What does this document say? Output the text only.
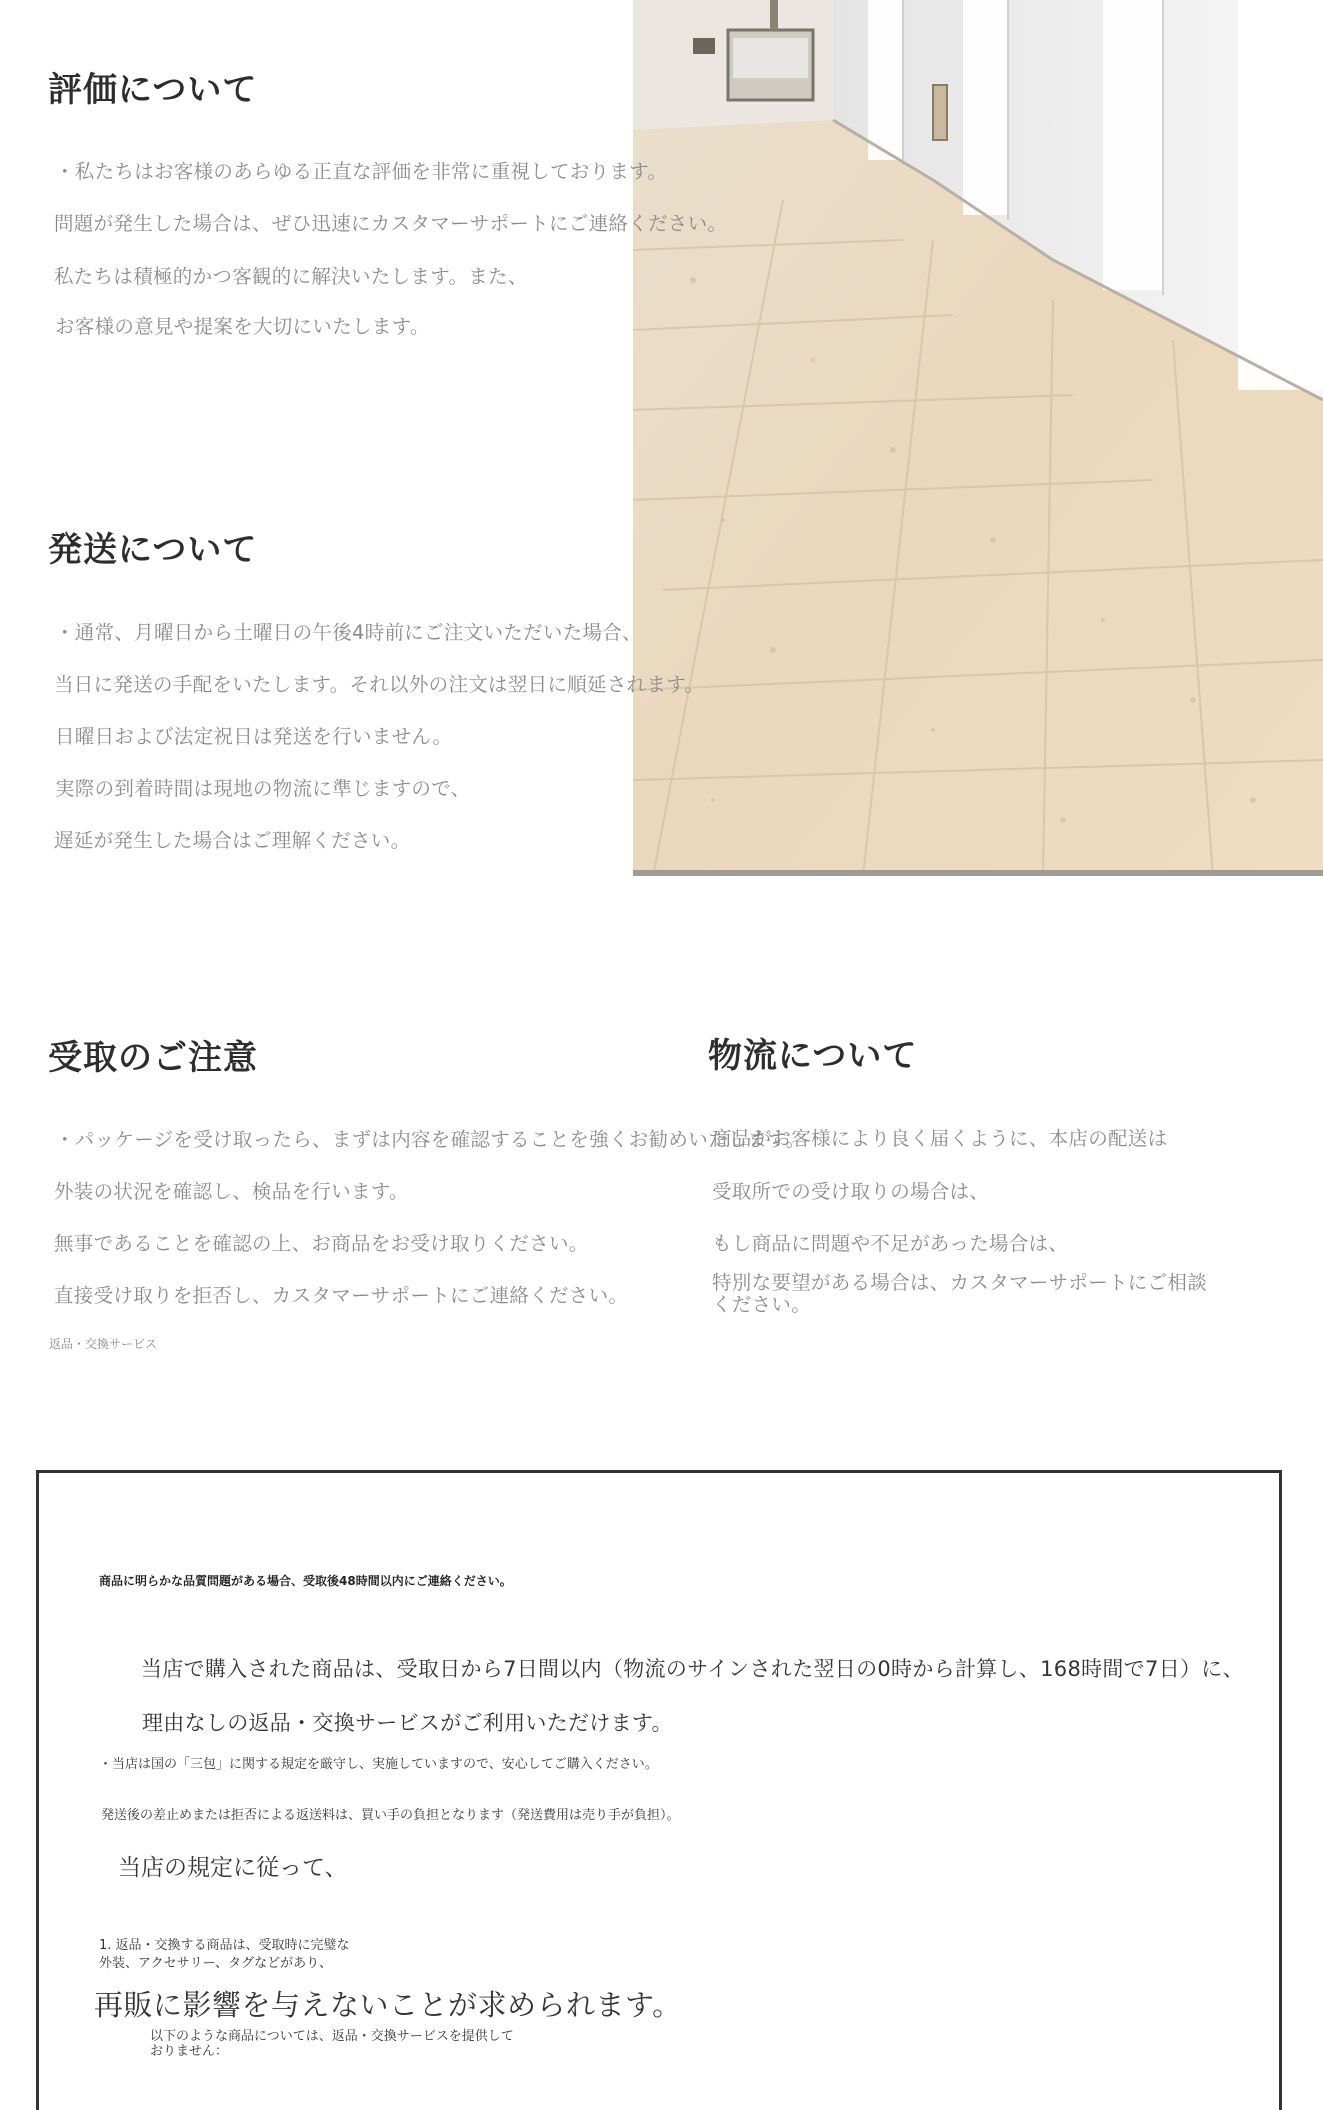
評価について
・私たちはお客様のあらゆる正直な評価を非常に重視しております。
問題が発生した場合は、ぜひ迅速にカスタマーサポートにご連絡ください。
私たちは積極的かつ客観的に解決いたします。また、
お客様の意見や提案を大切にいたします。
発送について
・通常、月曜日から土曜日の午後4時前にご注文いただいた場合、
当日に発送の手配をいたします。それ以外の注文は翌日に順延されます。
日曜日および法定祝日は発送を行いません。
実際の到着時間は現地の物流に準じますので、
遅延が発生した場合はご理解ください。
受取のご注意
・パッケージを受け取ったら、まずは内容を確認することを強くお勧めいたします。
外装の状況を確認し、検品を行います。
無事であることを確認の上、お商品をお受け取りください。
直接受け取りを拒否し、カスタマーサポートにご連絡ください。
返品・交換サービス
物流について
商品がお客様により良く届くように、本店の配送は
受取所での受け取りの場合は、
もし商品に問題や不足があった場合は、
特別な要望がある場合は、カスタマーサポートにご相談
ください。
商品に明らかな品質問題がある場合、受取後48時間以内にご連絡ください。
当店で購入された商品は、受取日から7日間以内（物流のサインされた翌日の0時から計算し、168時間で7日）に、
理由なしの返品・交換サービスがご利用いただけます。
・当店は国の「三包」に関する規定を厳守し、実施していますので、安心してご購入ください。
発送後の差止めまたは拒否による返送料は、買い手の負担となります（発送費用は売り手が負担）。
当店の規定に従って、
1. 返品・交換する商品は、受取時に完璧な
外装、アクセサリー、タグなどがあり、
再販に影響を与えないことが求められます。
以下のような商品については、返品・交換サービスを提供して
おりません：
